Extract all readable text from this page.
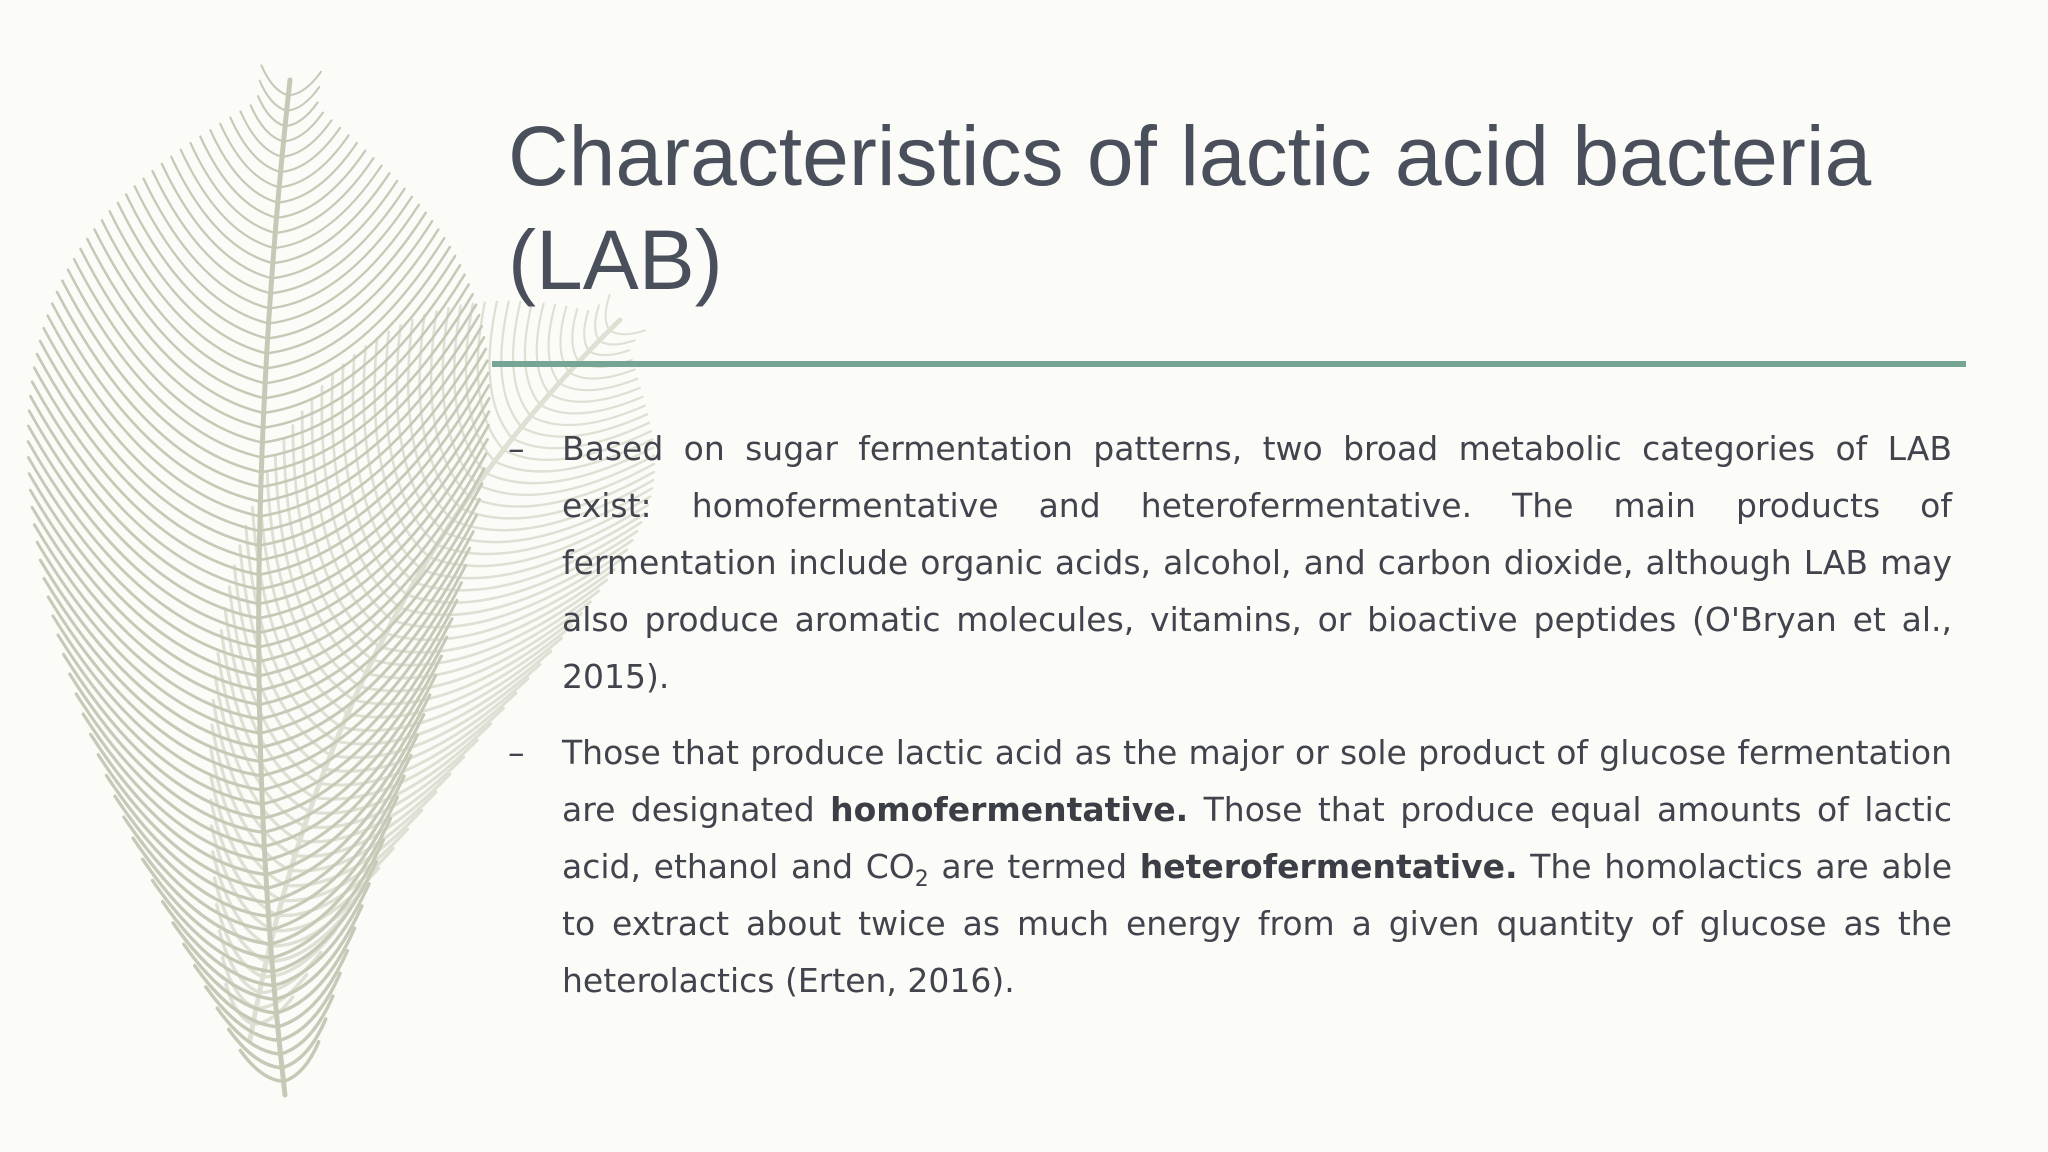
Characteristics of lactic acid bacteria (LAB)
–	Based on sugar fermentation patterns, two broad metabolic categories of LAB exist: homofermentative and heterofermentative. The main products of fermentation include organic acids, alcohol, and carbon dioxide, although LAB may also produce aromatic molecules, vitamins, or bioactive peptides (O'Bryan et al., 2015).
–	Those that produce lactic acid as the major or sole product of glucose fermentation are designated homofermentative. Those that produce equal amounts of lactic acid, ethanol and $CO_2$ are termed heterofermentative. The homolactics are able to extract about twice as much energy from a given quantity of glucose as the heterolactics (Erten, 2016).
